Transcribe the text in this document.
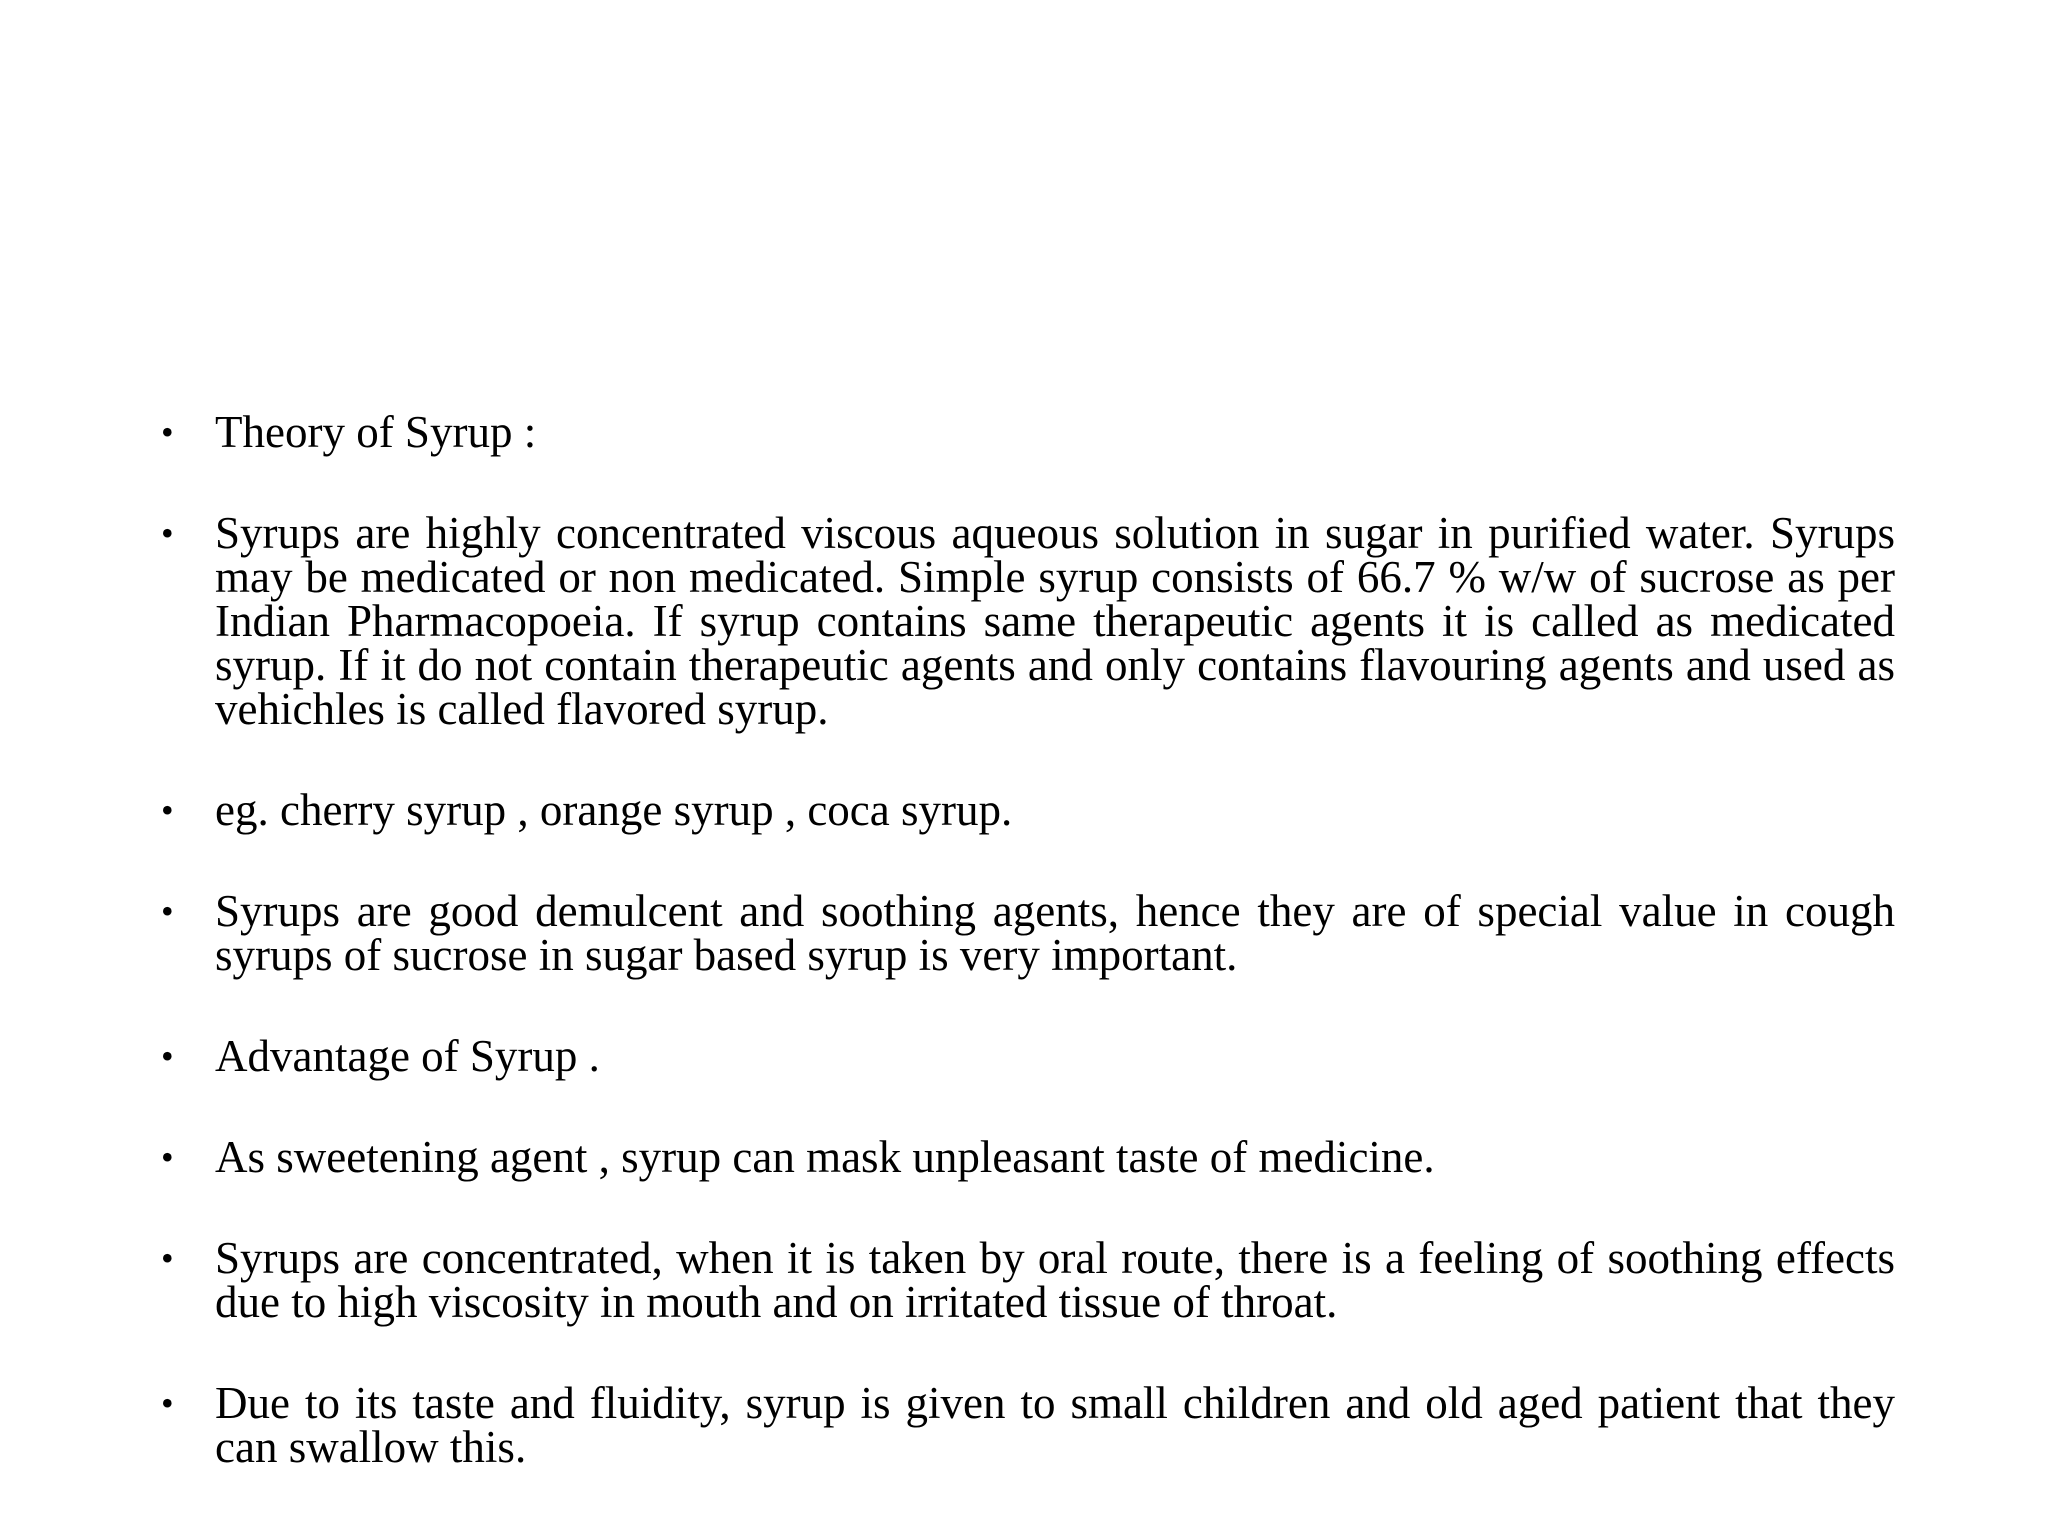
• Theory of Syrup :
• Syrups are highly concentrated viscous aqueous solution in sugar in purified water. Syrups may be medicated or non medicated. Simple syrup consists of 66.7 % w/w of sucrose as per Indian Pharmacopoeia. If syrup contains same therapeutic agents it is called as medicated syrup. If it do not contain therapeutic agents and only contains flavouring agents and used as vehichles is called flavored syrup.
• eg. cherry syrup , orange syrup , coca syrup.
• Syrups are good demulcent and soothing agents, hence they are of special value in cough syrups of sucrose in sugar based syrup is very important.
• Advantage of Syrup .
• As sweetening agent , syrup can mask unpleasant taste of medicine.
• Syrups are concentrated, when it is taken by oral route, there is a feeling of soothing effects due to high viscosity in mouth and on irritated tissue of throat.
• Due to its taste and fluidity, syrup is given to small children and old aged patient that they can swallow this.
